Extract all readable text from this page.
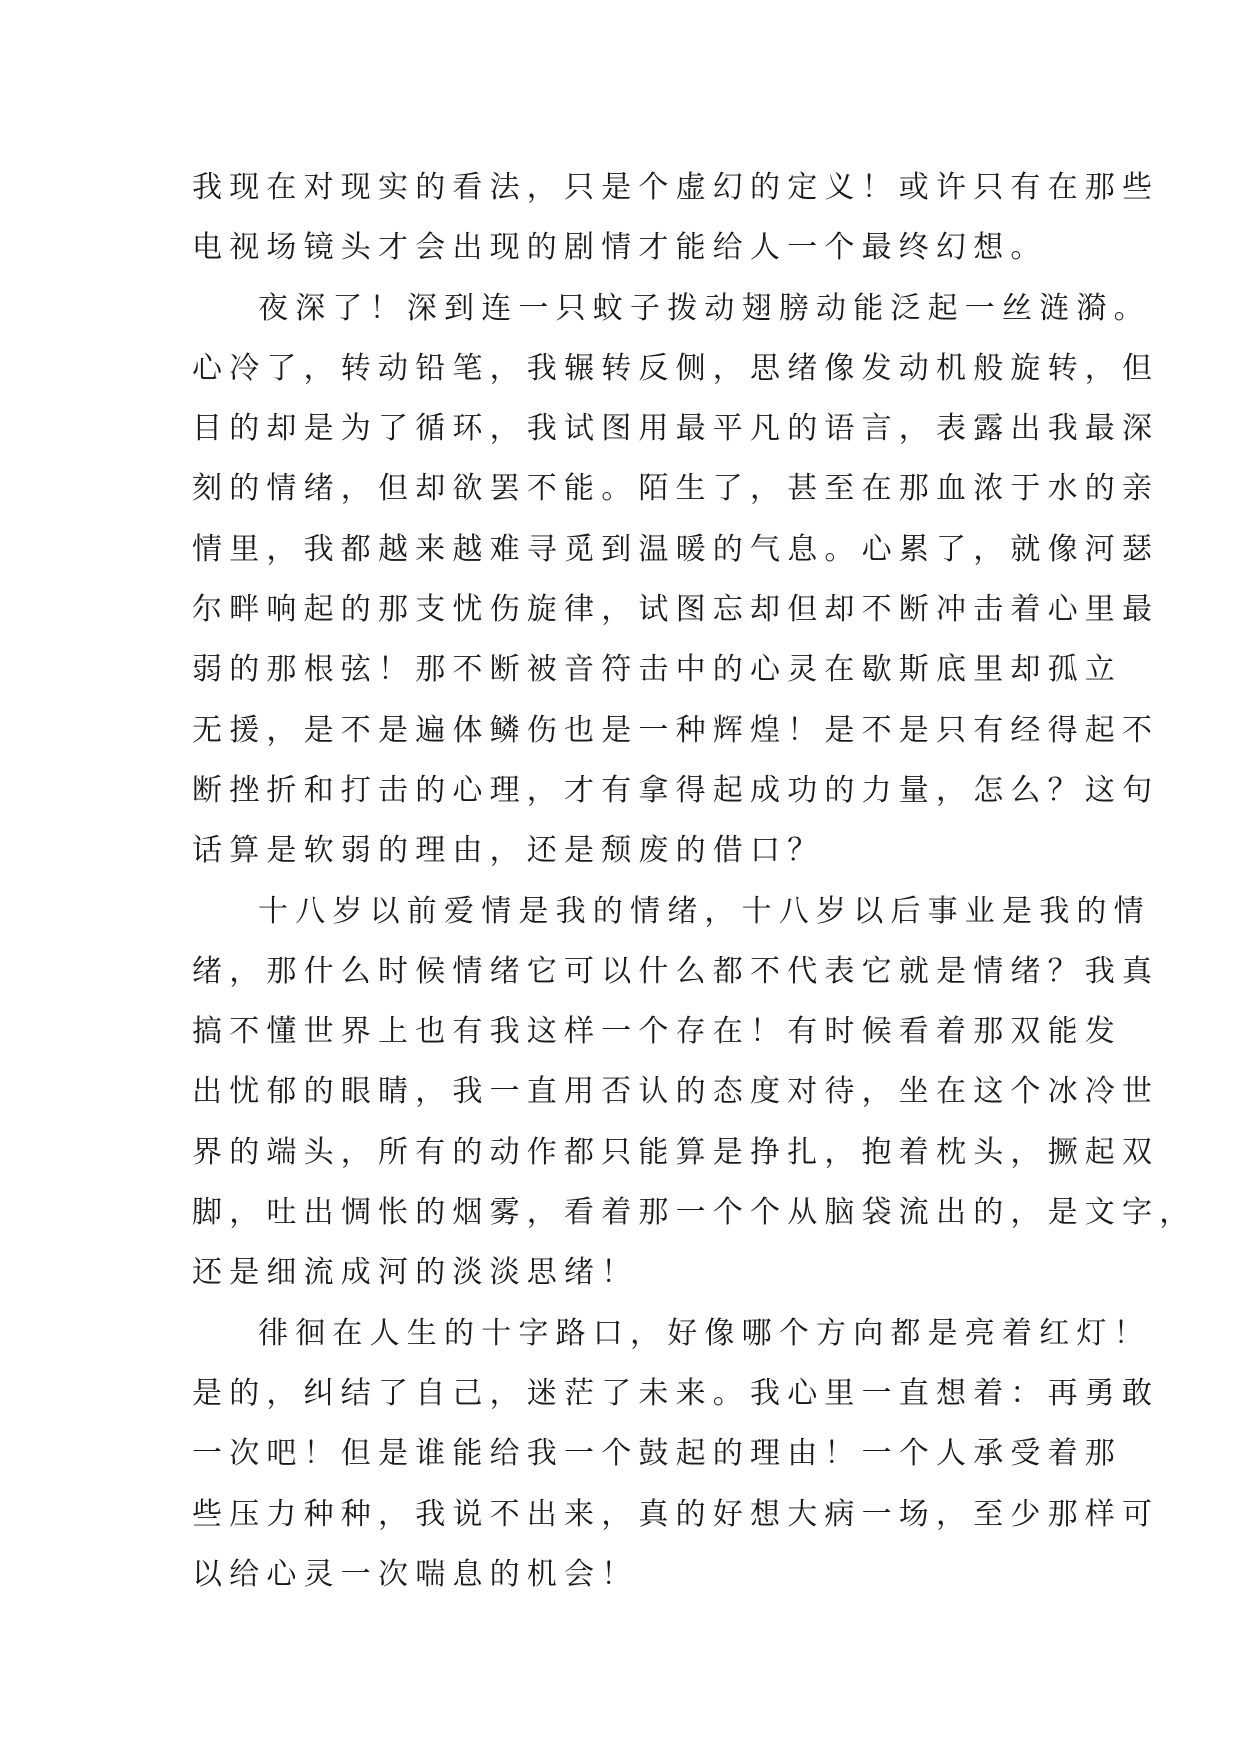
我现在对现实的看法，只是个虚幻的定义！或许只有在那些
电视场镜头才会出现的剧情才能给人一个最终幻想。
夜深了！深到连一只蚊子拨动翅膀动能泛起一丝涟漪。
心冷了，转动铅笔，我辗转反侧，思绪像发动机般旋转，但
目的却是为了循环，我试图用最平凡的语言，表露出我最深
刻的情绪，但却欲罢不能。陌生了，甚至在那血浓于水的亲
情里，我都越来越难寻觅到温暖的气息。心累了，就像河瑟
尔畔响起的那支忧伤旋律，试图忘却但却不断冲击着心里最
弱的那根弦！那不断被音符击中的心灵在歇斯底里却孤立
无援，是不是遍体鳞伤也是一种辉煌！是不是只有经得起不
断挫折和打击的心理，才有拿得起成功的力量，怎么？这句
话算是软弱的理由，还是颓废的借口？
十八岁以前爱情是我的情绪，十八岁以后事业是我的情
绪，那什么时候情绪它可以什么都不代表它就是情绪？我真
搞不懂世界上也有我这样一个存在！有时候看着那双能发
出忧郁的眼睛，我一直用否认的态度对待，坐在这个冰冷世
界的端头，所有的动作都只能算是挣扎，抱着枕头，撅起双
脚，吐出惆怅的烟雾，看着那一个个从脑袋流出的，是文字，
还是细流成河的淡淡思绪！
徘徊在人生的十字路口，好像哪个方向都是亮着红灯！
是的，纠结了自己，迷茫了未来。我心里一直想着：再勇敢
一次吧！但是谁能给我一个鼓起的理由！一个人承受着那
些压力种种，我说不出来，真的好想大病一场，至少那样可
以给心灵一次喘息的机会！
